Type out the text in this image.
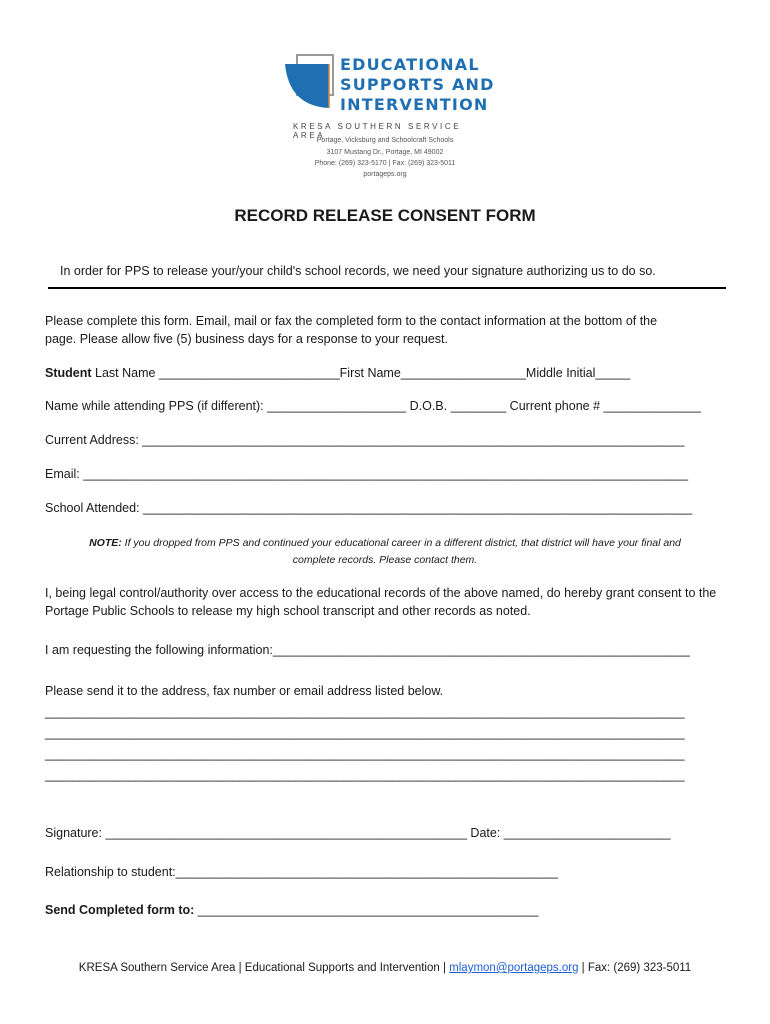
EDUCATIONAL
SUPPORTS AND
INTERVENTION
KRESA SOUTHERN SERVICE AREA
Portage, Vicksburg and Schoolcraft Schools
3107 Mustang Dr., Portage, MI 49002
Phone: (269) 323-5170 | Fax: (269) 323-5011
portageps.org
RECORD RELEASE CONSENT FORM
In order for PPS to release your/your child's school records, we need your signature authorizing us to do so.
Please complete this form. Email, mail or fax the completed form to the contact information at the bottom of the
page. Please allow five (5) business days for a response to your request.
Student Last Name __________________________First Name__________________Middle Initial_____
Name while attending PPS (if different): ____________________ D.O.B. ________ Current phone # ______________
Current Address: ______________________________________________________________________________
Email: _______________________________________________________________________________________
School Attended: _______________________________________________________________________________
NOTE: If you dropped from PPS and continued your educational career in a different district, that district will have your final and
complete records. Please contact them.
I, being legal control/authority over access to the educational records of the above named, do hereby grant consent to the
Portage Public Schools to release my high school transcript and other records as noted.
I am requesting the following information:____________________________________________________________
Please send it to the address, fax number or email address listed below.
____________________________________________________________________________________________
____________________________________________________________________________________________
____________________________________________________________________________________________
____________________________________________________________________________________________
Signature: ____________________________________________________ Date: ________________________
Relationship to student:_______________________________________________________
Send Completed form to: _________________________________________________
KRESA Southern Service Area | Educational Supports and Intervention | mlaymon@portageps.org | Fax: (269) 323-5011
